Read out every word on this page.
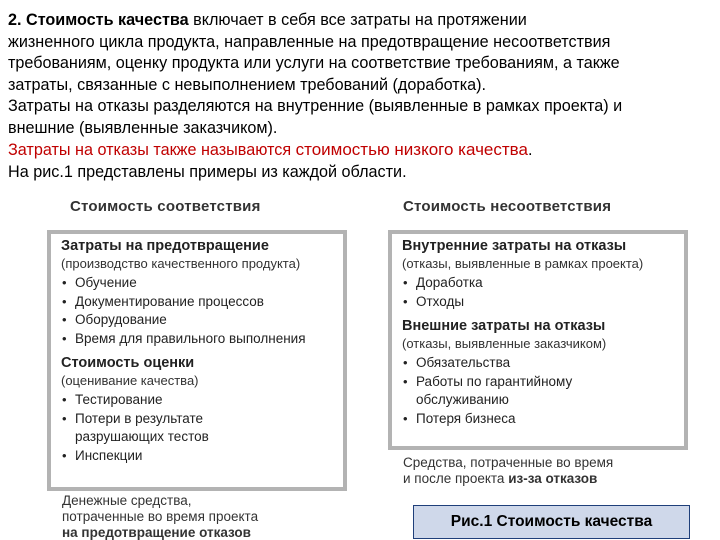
2. Стоимость качества включает в себя все затраты на протяжении
жизненного цикла продукта, направленные на предотвращение несоответствия
требованиям, оценку продукта или услуги на соответствие требованиям, а также
затраты, связанные с невыполнением требований (доработка).
Затраты на отказы разделяются на внутренние (выявленные в рамках проекта) и
внешние (выявленные заказчиком).
Затраты на отказы также называются стоимостью низкого качества.
На рис.1 представлены примеры из каждой области.
Стоимость соответствия	Стоимость несоответствия
Затраты на предотвращение
(производство качественного продукта)
• Обучение
• Документирование процессов
• Оборудование
• Время для правильного выполнения
Стоимость оценки
(оценивание качества)
• Тестирование
• Потери в результате
разрушающих тестов
• Инспекции
Внутренние затраты на отказы
(отказы, выявленные в рамках проекта)
• Доработка
• Отходы
Внешние затраты на отказы
(отказы, выявленные заказчиком)
• Обязательства
• Работы по гарантийному
обслуживанию
• Потеря бизнеса
Денежные средства,
потраченные во время проекта
на предотвращение отказов
Средства, потраченные во время
и после проекта из-за отказов
Рис.1 Стоимость качества
